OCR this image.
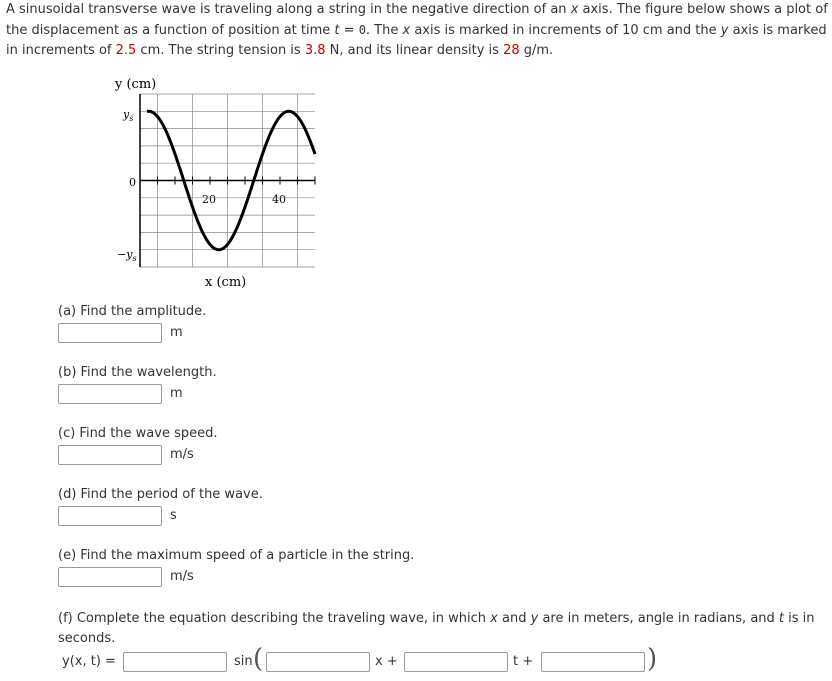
A sinusoidal transverse wave is traveling along a string in the negative direction of an x axis. The figure below shows a plot of the displacement as a function of position at time t = 0. The x axis is marked in increments of 10 cm and the y axis is marked in increments of 2.5 cm. The string tension is 3.8 N, and its linear density is 28 g/m.

y (cm)
x (cm)
$y_s$
0
$-y_s$
20	40

(a) Find the amplitude.

m

(b) Find the wavelength.

m

(c) Find the wave speed.

m/s

(d) Find the period of the wave.

s

(e) Find the maximum speed of a particle in the string.

m/s

(f) Complete the equation describing the traveling wave, in which x and y are in meters, angle in radians, and t is in seconds.

y(x, t) =	sin (	x +	t +	)
